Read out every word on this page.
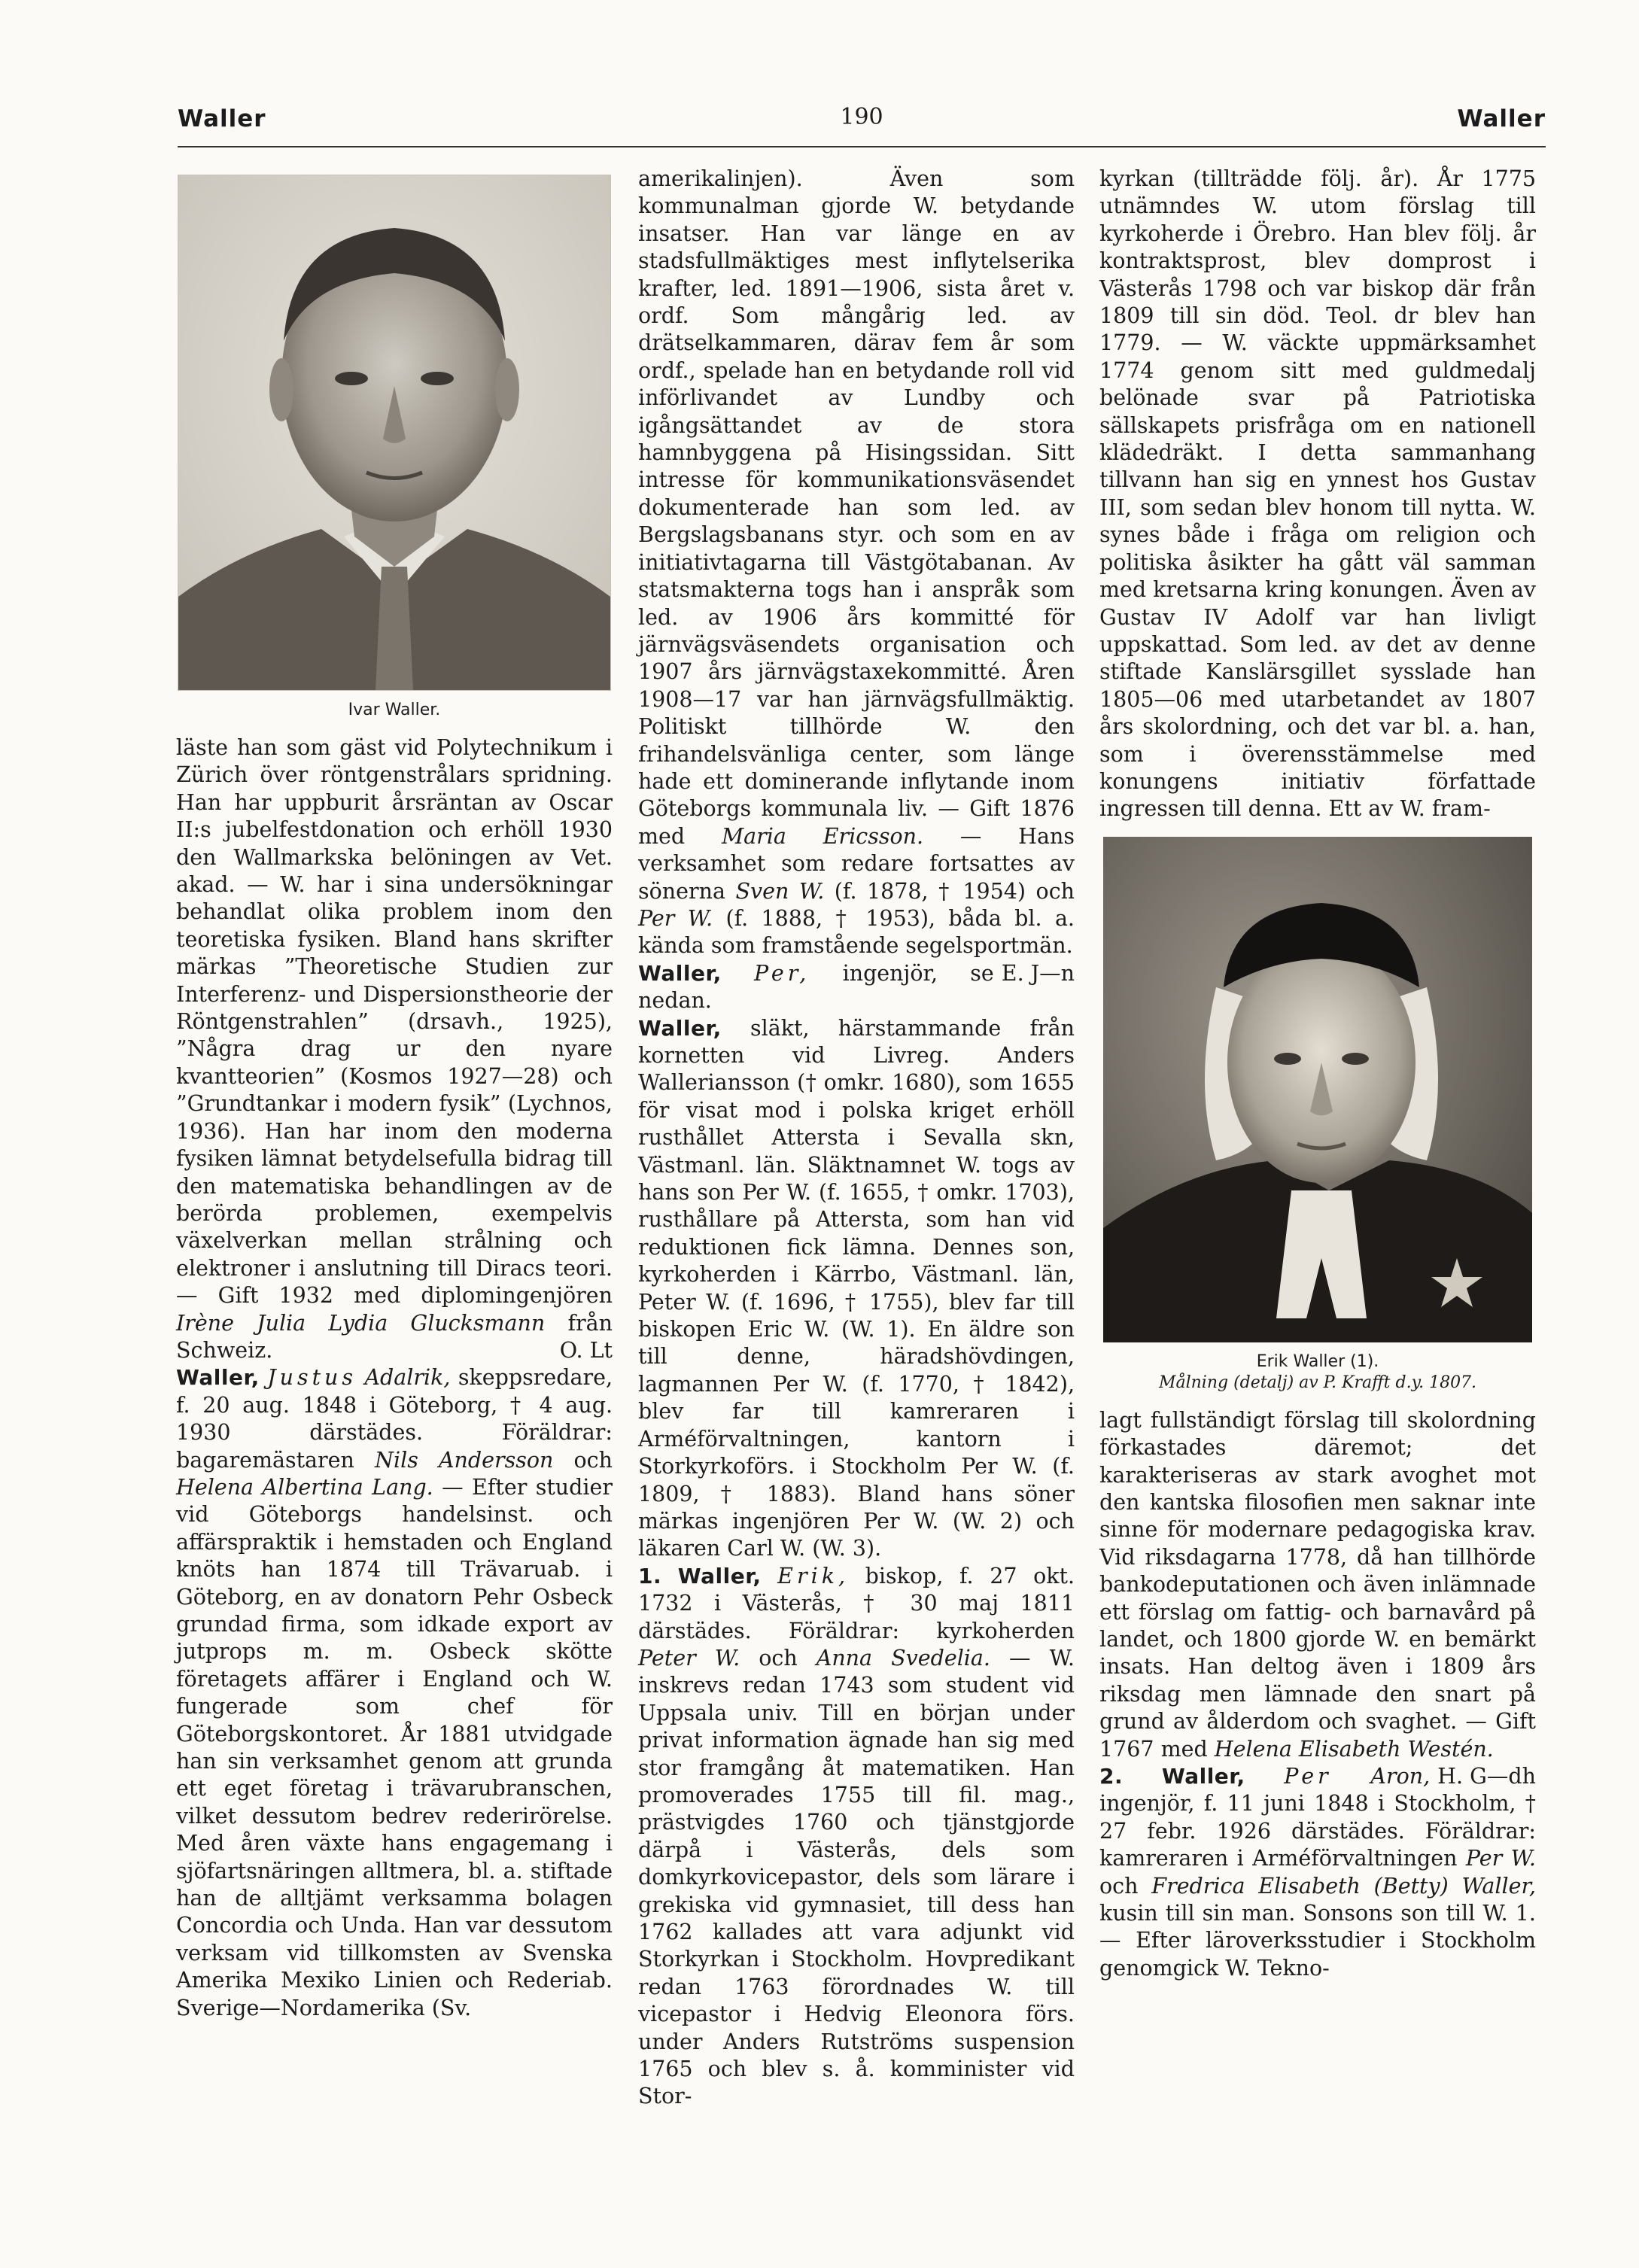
Waller	190	Waller
Ivar Waller.

läste han som gäst vid Polytechnikum i Zürich över röntgenstrålars spridning. Han har uppburit årsräntan av Oscar II:s jubelfestdonation och erhöll 1930 den Wallmarkska belöningen av Vet. akad. — W. har i sina undersökningar behandlat olika problem inom den teoretiska fysiken. Bland hans skrifter märkas ”Theoretische Studien zur Interferenz- und Dispersionstheorie der Röntgenstrahlen” (drsavh., 1925), ”Några drag ur den nyare kvantteorien” (Kosmos 1927—28) och ”Grundtankar i modern fysik” (Lychnos, 1936). Han har inom den moderna fysiken lämnat betydelsefulla bidrag till den matematiska behandlingen av de berörda problemen, exempelvis växelverkan mellan strålning och elektroner i anslutning till Diracs teori. — Gift 1932 med diplomingenjören Irène Julia Lydia Glucksmann från Schweiz.	O. Lt

Waller, Justus Adalrik, skeppsredare, f. 20 aug. 1848 i Göteborg, † 4 aug. 1930 därstädes. Föräldrar: bagaremästaren Nils Andersson och Helena Albertina Lang. — Efter studier vid Göteborgs handelsinst. och affärspraktik i hemstaden och England knöts han 1874 till Trävaruab. i Göteborg, en av donatorn Pehr Osbeck grundad firma, som idkade export av jutprops m. m. Osbeck skötte företagets affärer i England och W. fungerade som chef för Göteborgskontoret. År 1881 utvidgade han sin verksamhet genom att grunda ett eget företag i trävarubranschen, vilket dessutom bedrev rederirörelse. Med åren växte hans engagemang i sjöfartsnäringen alltmera, bl. a. stiftade han de alltjämt verksamma bolagen Concordia och Unda. Han var dessutom verksam vid tillkomsten av Svenska Amerika Mexiko Linien och Rederiab. Sverige—Nordamerika (Sv.

amerikalinjen). Även som kommunalman gjorde W. betydande insatser. Han var länge en av stadsfullmäktiges mest inflytelserika krafter, led. 1891—1906, sista året v. ordf. Som mångårig led. av drätselkammaren, därav fem år som ordf., spelade han en betydande roll vid införlivandet av Lundby och igångsättandet av de stora hamnbyggena på Hisingssidan. Sitt intresse för kommunikationsväsendet dokumenterade han som led. av Bergslagsbanans styr. och som en av initiativtagarna till Västgötabanan. Av statsmakterna togs han i anspråk som led. av 1906 års kommitté för järnvägsväsendets organisation och 1907 års järnvägstaxekommitté. Åren 1908—17 var han järnvägsfullmäktig. Politiskt tillhörde W. den frihandelsvänliga center, som länge hade ett dominerande inflytande inom Göteborgs kommunala liv. — Gift 1876 med Maria Ericsson. — Hans verksamhet som redare fortsattes av sönerna Sven W. (f. 1878, † 1954) och Per W. (f. 1888, † 1953), båda bl. a. kända som framstående segelsportmän.
E. J—n

Waller, Per, ingenjör, se nedan.

Waller, släkt, härstammande från kornetten vid Livreg. Anders Walleriansson († omkr. 1680), som 1655 för visat mod i polska kriget erhöll rusthållet Attersta i Sevalla skn, Västmanl. län. Släktnamnet W. togs av hans son Per W. (f. 1655, † omkr. 1703), rusthållare på Attersta, som han vid reduktionen fick lämna. Dennes son, kyrkoherden i Kärrbo, Västmanl. län, Peter W. (f. 1696, † 1755), blev far till biskopen Eric W. (W. 1). En äldre son till denne, häradshövdingen, lagmannen Per W. (f. 1770, † 1842), blev far till kamreraren i Arméförvaltningen, kantorn i Storkyrkoförs. i Stockholm Per W. (f. 1809, † 1883). Bland hans söner märkas ingenjören Per W. (W. 2) och läkaren Carl W. (W. 3).

1. Waller, Erik, biskop, f. 27 okt. 1732 i Västerås, † 30 maj 1811 därstädes. Föräldrar: kyrkoherden Peter W. och Anna Svedelia. — W. inskrevs redan 1743 som student vid Uppsala univ. Till en början under privat information ägnade han sig med stor framgång åt matematiken. Han promoverades 1755 till fil. mag., prästvigdes 1760 och tjänstgjorde därpå i Västerås, dels som domkyrkovicepastor, dels som lärare i grekiska vid gymnasiet, till dess han 1762 kallades att vara adjunkt vid Storkyrkan i Stockholm. Hovpredikant redan 1763 förordnades W. till vicepastor i Hedvig Eleonora förs. under Anders Rutströms suspension 1765 och blev s. å. komminister vid Stor-

kyrkan (tillträdde följ. år). År 1775 utnämndes W. utom förslag till kyrkoherde i Örebro. Han blev följ. år kontraktsprost, blev domprost i Västerås 1798 och var biskop där från 1809 till sin död. Teol. dr blev han 1779. — W. väckte uppmärksamhet 1774 genom sitt med guldmedalj belönade svar på Patriotiska sällskapets prisfråga om en nationell klädedräkt. I detta sammanhang tillvann han sig en ynnest hos Gustav III, som sedan blev honom till nytta. W. synes både i fråga om religion och politiska åsikter ha gått väl samman med kretsarna kring konungen. Även av Gustav IV Adolf var han livligt uppskattad. Som led. av det av denne stiftade Kanslärsgillet sysslade han 1805—06 med utarbetandet av 1807 års skolordning, och det var bl. a. han, som i överensstämmelse med konungens initiativ författade ingressen till denna. Ett av W. fram-

Erik Waller (1).
Målning (detalj) av P. Krafft d.y. 1807.

lagt fullständigt förslag till skolordning förkastades däremot; det karakteriseras av stark avoghet mot den kantska filosofien men saknar inte sinne för modernare pedagogiska krav. Vid riksdagarna 1778, då han tillhörde bankodeputationen och även inlämnade ett förslag om fattig- och barnavård på landet, och 1800 gjorde W. en bemärkt insats. Han deltog även i 1809 års riksdag men lämnade den snart på grund av ålderdom och svaghet. — Gift 1767 med Helena Elisabeth Westén.
H. G—dh

2. Waller, Per Aron, ingenjör, f. 11 juni 1848 i Stockholm, † 27 febr. 1926 därstädes. Föräldrar: kamreraren i Arméförvaltningen Per W. och Fredrica Elisabeth (Betty) Waller, kusin till sin man. Sonsons son till W. 1. — Efter läroverksstudier i Stockholm genomgick W. Tekno-
